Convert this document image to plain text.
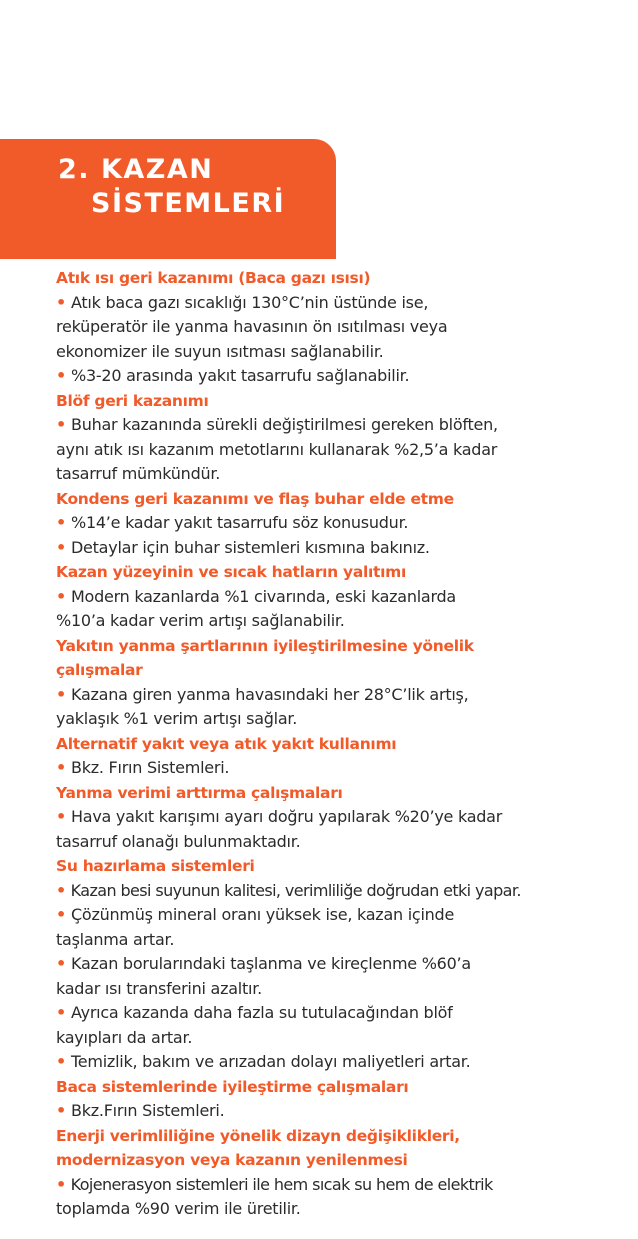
2. KAZAN
SİSTEMLERİ
Atık ısı geri kazanımı (Baca gazı ısısı)
• Atık baca gazı sıcaklığı 130°C’nin üstünde ise,
reküperatör ile yanma havasının ön ısıtılması veya
ekonomizer ile suyun ısıtması sağlanabilir.
• %3-20 arasında yakıt tasarrufu sağlanabilir.
Blöf geri kazanımı
• Buhar kazanında sürekli değiştirilmesi gereken blöften,
aynı atık ısı kazanım metotlarını kullanarak %2,5’a kadar
tasarruf mümkündür.
Kondens geri kazanımı ve flaş buhar elde etme
• %14’e kadar yakıt tasarrufu söz konusudur.
• Detaylar için buhar sistemleri kısmına bakınız.
Kazan yüzeyinin ve sıcak hatların yalıtımı
• Modern kazanlarda %1 civarında, eski kazanlarda
%10’a kadar verim artışı sağlanabilir.
Yakıtın yanma şartlarının iyileştirilmesine yönelik
çalışmalar
• Kazana giren yanma havasındaki her 28°C’lik artış,
yaklaşık %1 verim artışı sağlar.
Alternatif yakıt veya atık yakıt kullanımı
• Bkz. Fırın Sistemleri.
Yanma verimi arttırma çalışmaları
• Hava yakıt karışımı ayarı doğru yapılarak %20’ye kadar
tasarruf olanağı bulunmaktadır.
Su hazırlama sistemleri
• Kazan besi suyunun kalitesi, verimliliğe doğrudan etki yapar.
• Çözünmüş mineral oranı yüksek ise, kazan içinde
taşlanma artar.
• Kazan borularındaki taşlanma ve kireçlenme %60’a
kadar ısı transferini azaltır.
• Ayrıca kazanda daha fazla su tutulacağından blöf
kayıpları da artar.
• Temizlik, bakım ve arızadan dolayı maliyetleri artar.
Baca sistemlerinde iyileştirme çalışmaları
• Bkz.Fırın Sistemleri.
Enerji verimliliğine yönelik dizayn değişiklikleri,
modernizasyon veya kazanın yenilenmesi
• Kojenerasyon sistemleri ile hem sıcak su hem de elektrik
toplamda %90 verim ile üretilir.
